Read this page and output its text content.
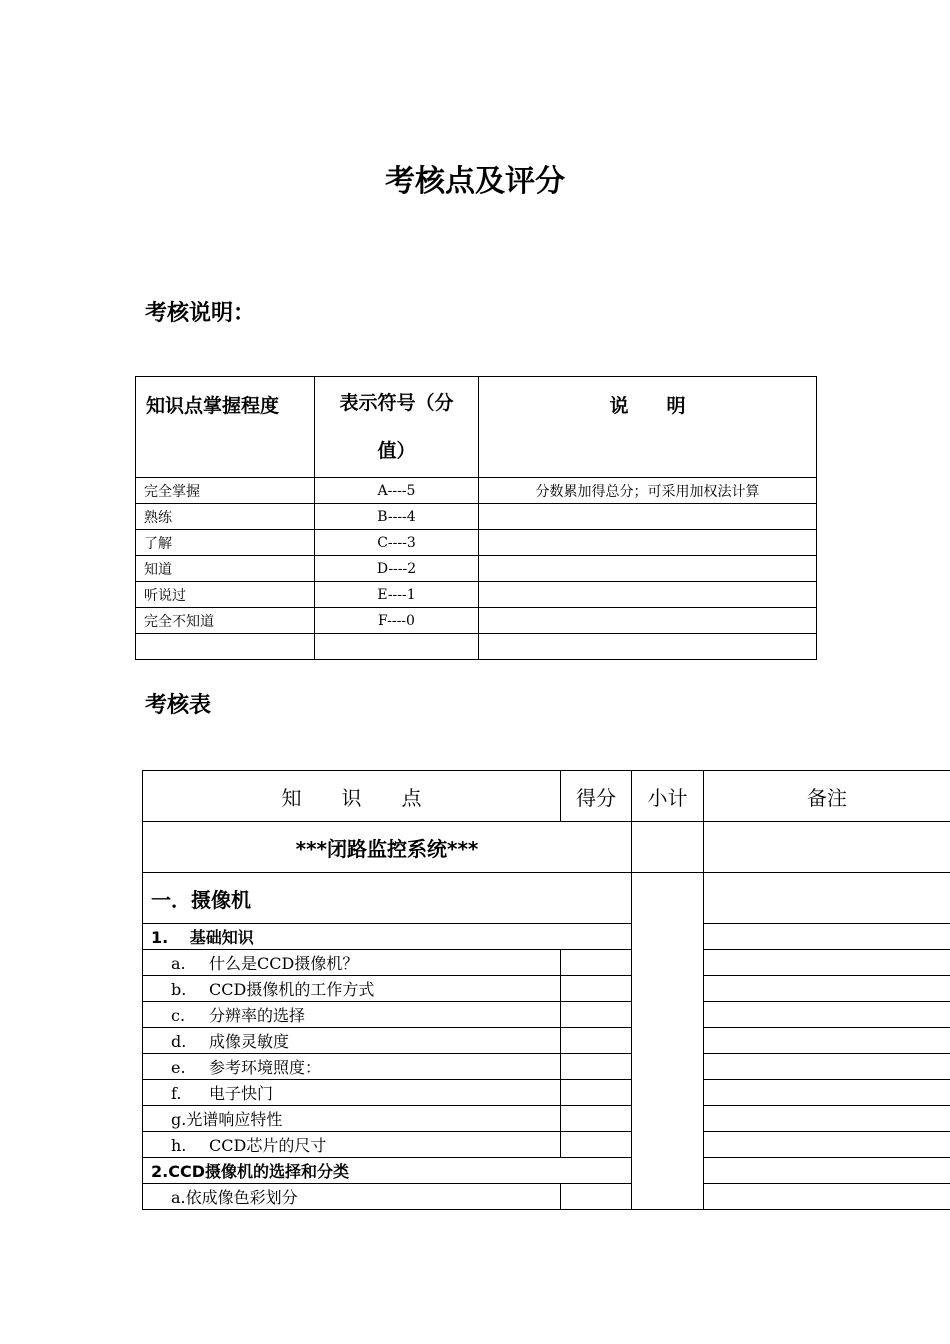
考核点及评分
考核说明：
知识点掌握程度	表示符号（分
值）	说　　明

完全掌握	A----5	分数累加得总分；可采用加权法计算
熟练	B----4	
了解	C----3	
知道	D----2	
听说过	E----1	
完全不知道	F----0	

考核表
知　　识　　点	得分	小计	备注
***闭路监控系统***			
一．摄像机			
1.　 基础知识			
a. 什么是CCD摄像机？			
b. CCD摄像机的工作方式			
c. 分辨率的选择			
d. 成像灵敏度			
e. 参考环境照度：			
f. 电子快门			
g.光谱响应特性			
h. CCD芯片的尺寸			
2.CCD摄像机的选择和分类			
a.依成像色彩划分			
